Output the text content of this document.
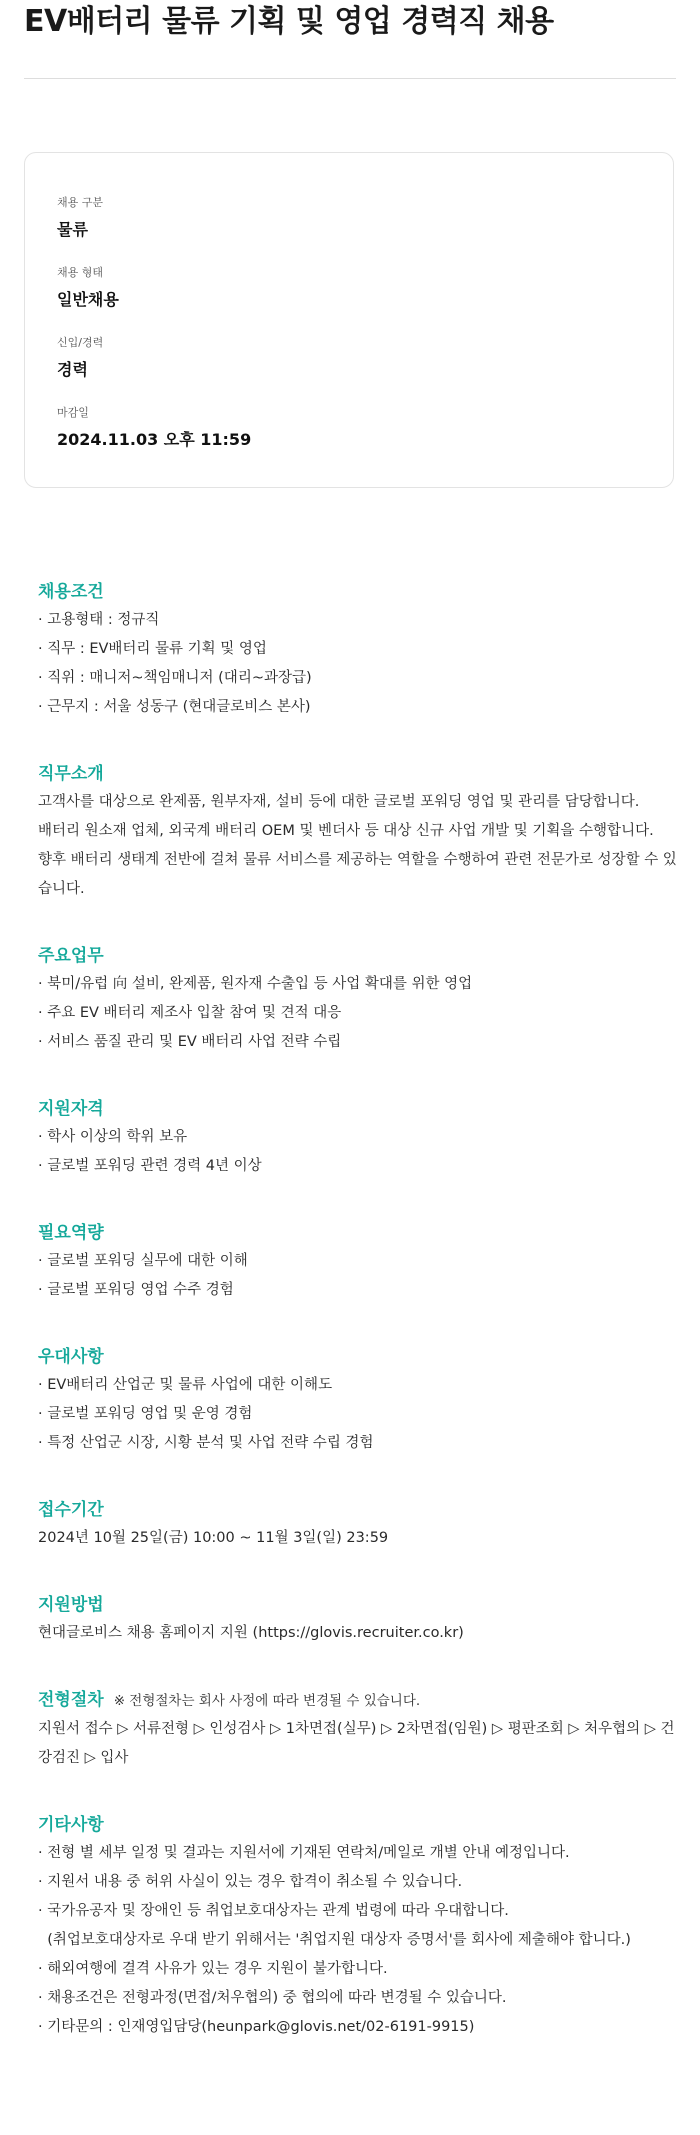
EV배터리 물류 기획 및 영업 경력직 채용
채용 구분
물류
채용 형태
일반채용
신입/경력
경력
마감일
2024.11.03 오후 11:59
채용조건

· 고용형태 : 정규직

· 직무 : EV배터리 물류 기획 및 영업

· 직위 : 매니저~책임매니저 (대리~과장급)

· 근무지 : 서울 성동구 (현대글로비스 본사)

직무소개

고객사를 대상으로 완제품, 원부자재, 설비 등에 대한 글로벌 포워딩 영업 및 관리를 담당합니다.

배터리 원소재 업체, 외국계 배터리 OEM 및 벤더사 등 대상 신규 사업 개발 및 기획을 수행합니다.

향후 배터리 생태계 전반에 걸쳐 물류 서비스를 제공하는 역할을 수행하여 관련 전문가로 성장할 수 있습니다.

주요업무

· 북미/유럽 向 설비, 완제품, 원자재 수출입 등 사업 확대를 위한 영업

· 주요 EV 배터리 제조사 입찰 참여 및 견적 대응

· 서비스 품질 관리 및 EV 배터리 사업 전략 수립

지원자격

· 학사 이상의 학위 보유

· 글로벌 포워딩 관련 경력 4년 이상

필요역량

· 글로벌 포워딩 실무에 대한 이해

· 글로벌 포워딩 영업 수주 경험

우대사항

· EV배터리 산업군 및 물류 사업에 대한 이해도

· 글로벌 포워딩 영업 및 운영 경험

· 특정 산업군 시장, 시황 분석 및 사업 전략 수립 경험

접수기간

2024년 10월 25일(금) 10:00 ~ 11월 3일(일) 23:59

지원방법

현대글로비스 채용 홈페이지 지원 (https://glovis.recruiter.co.kr)

전형절차 ※ 전형절차는 회사 사정에 따라 변경될 수 있습니다.

지원서 접수 ▷ 서류전형 ▷ 인성검사 ▷ 1차면접(실무) ▷ 2차면접(임원) ▷ 평판조회 ▷ 처우협의 ▷ 건강검진 ▷ 입사

기타사항

· 전형 별 세부 일정 및 결과는 지원서에 기재된 연락처/메일로 개별 안내 예정입니다.

· 지원서 내용 중 허위 사실이 있는 경우 합격이 취소될 수 있습니다.

· 국가유공자 및 장애인 등 취업보호대상자는 관계 법령에 따라 우대합니다.

(취업보호대상자로 우대 받기 위해서는 '취업지원 대상자 증명서'를 회사에 제출해야 합니다.)

· 해외여행에 결격 사유가 있는 경우 지원이 불가합니다.

· 채용조건은 전형과정(면접/처우협의) 중 협의에 따라 변경될 수 있습니다.

· 기타문의 : 인재영입담당(heunpark@glovis.net/02-6191-9915)
